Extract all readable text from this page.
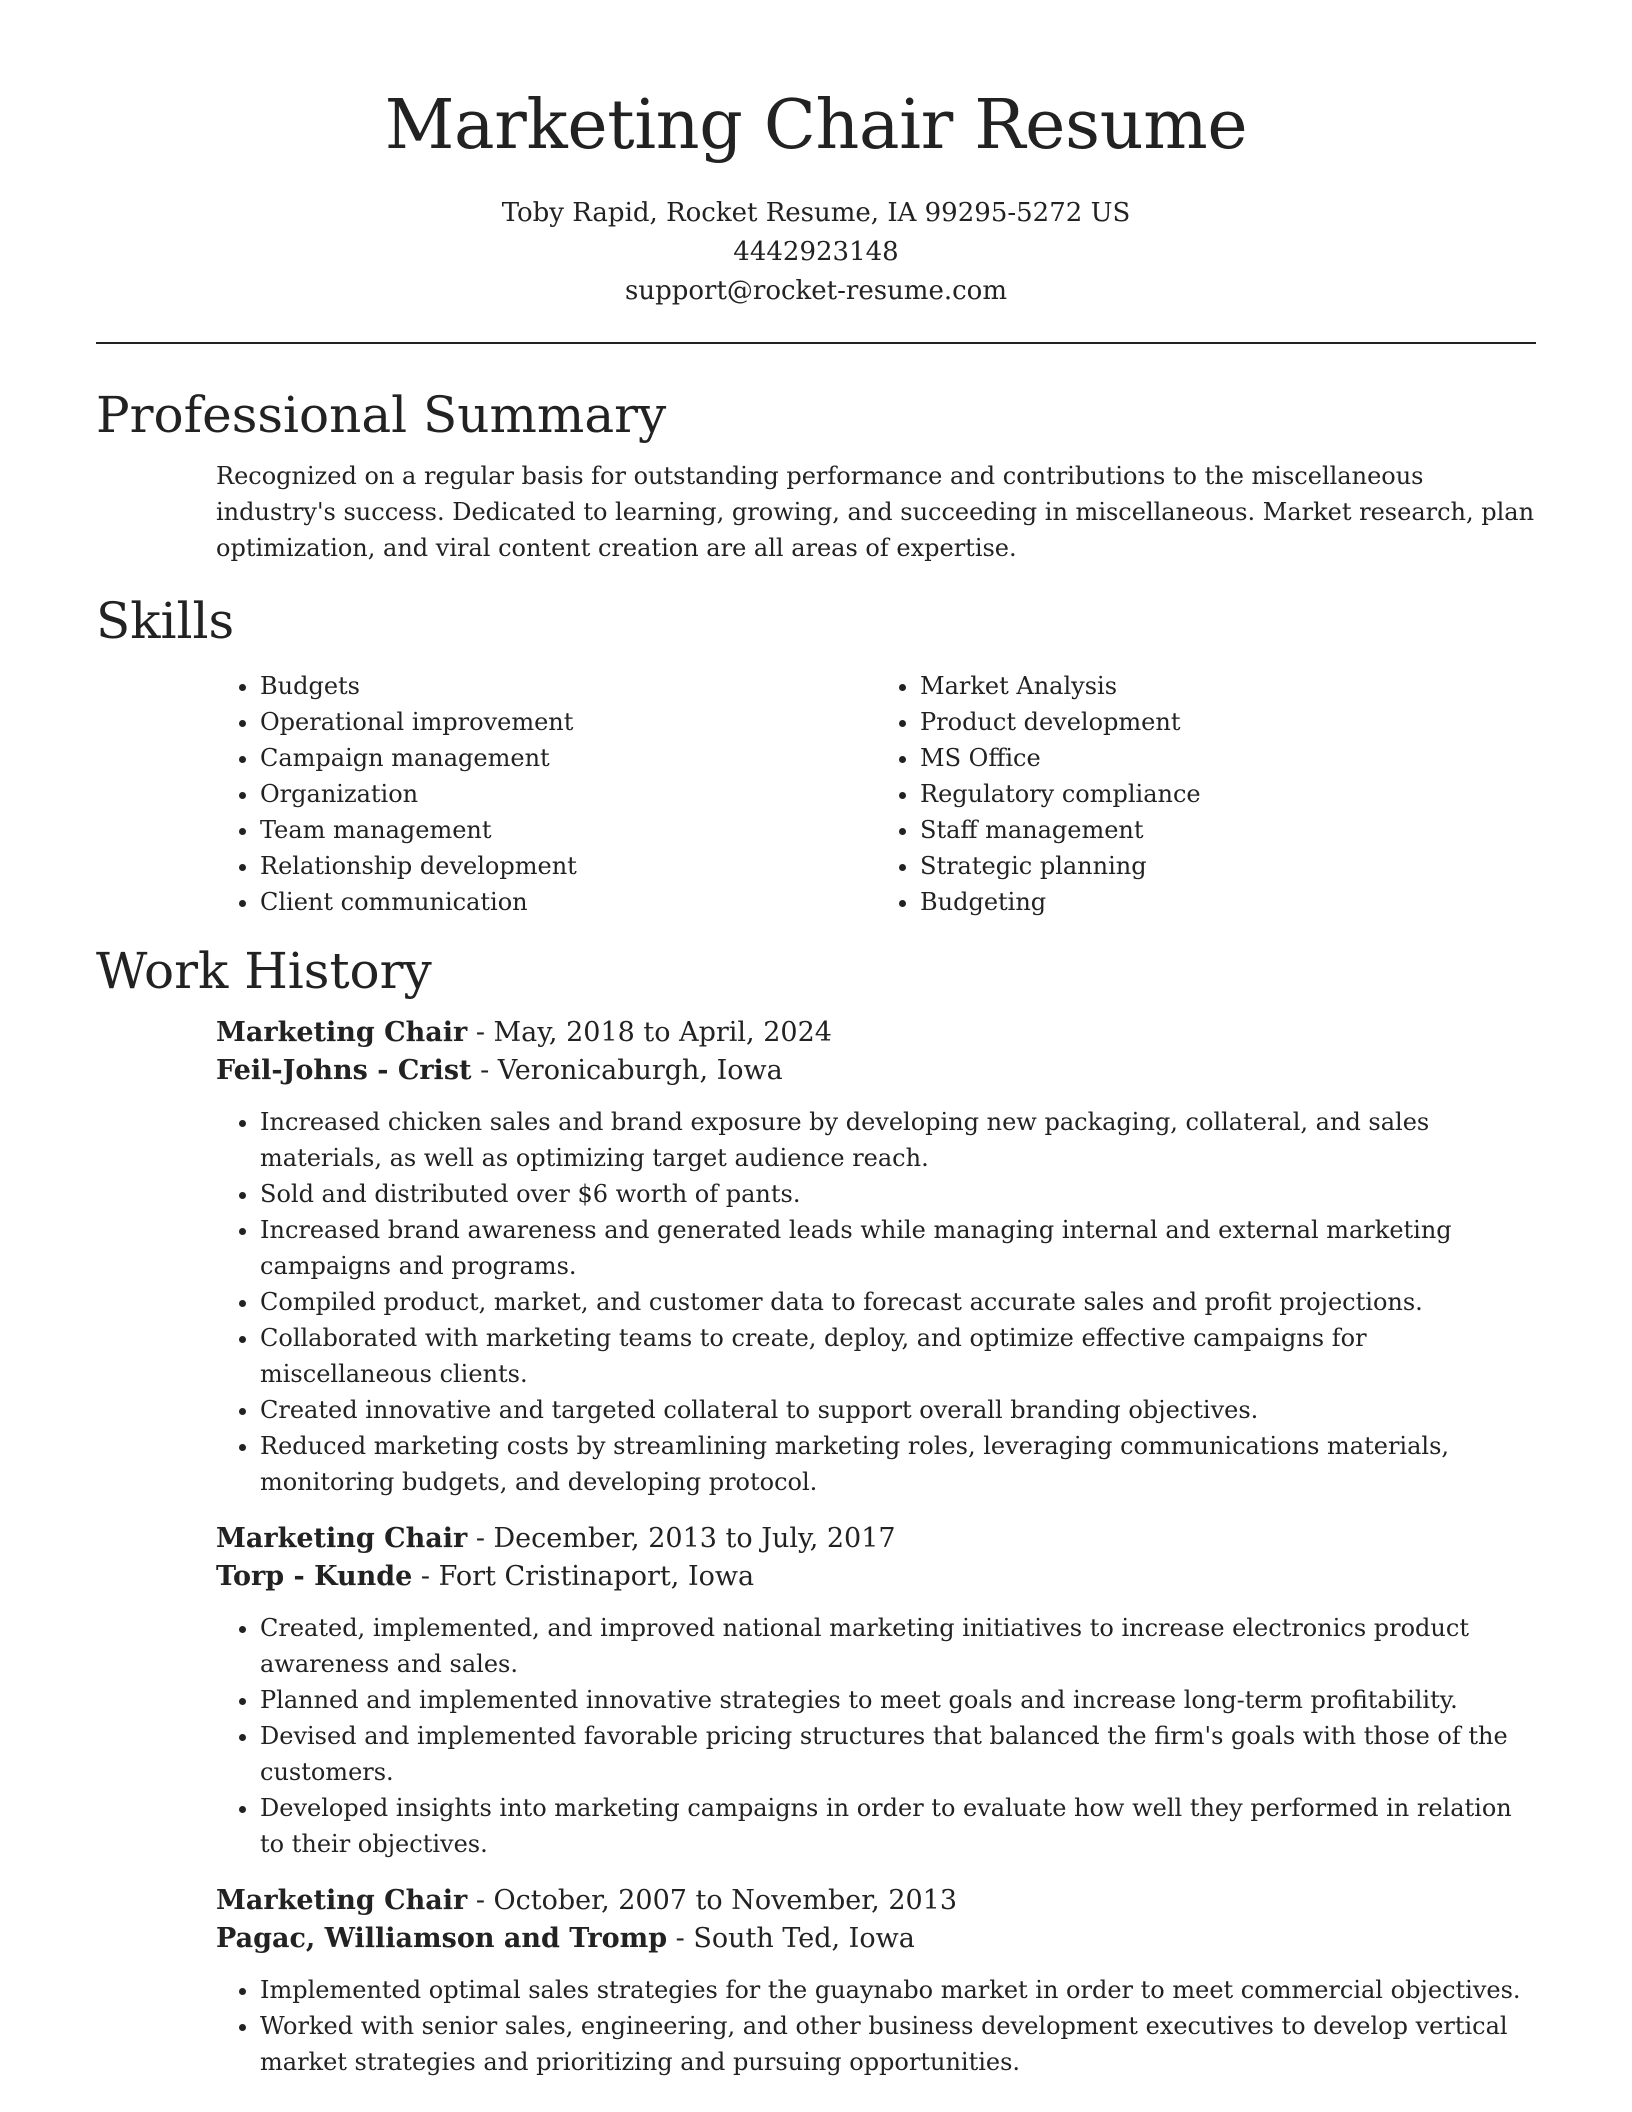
Marketing Chair Resume
Toby Rapid, Rocket Resume, IA 99295-5272 US
4442923148
support@rocket-resume.com
Professional Summary
Recognized on a regular basis for outstanding performance and contributions to the miscellaneous industry's success. Dedicated to learning, growing, and succeeding in miscellaneous. Market research, plan optimization, and viral content creation are all areas of expertise.
Skills
• Budgets
• Operational improvement
• Campaign management
• Organization
• Team management
• Relationship development
• Client communication
• Market Analysis
• Product development
• MS Office
• Regulatory compliance
• Staff management
• Strategic planning
• Budgeting
Work History
Marketing Chair - May, 2018 to April, 2024
Feil-Johns - Crist - Veronicaburgh, Iowa
• Increased chicken sales and brand exposure by developing new packaging, collateral, and sales materials, as well as optimizing target audience reach.
• Sold and distributed over $6 worth of pants.
• Increased brand awareness and generated leads while managing internal and external marketing campaigns and programs.
• Compiled product, market, and customer data to forecast accurate sales and profit projections.
• Collaborated with marketing teams to create, deploy, and optimize effective campaigns for miscellaneous clients.
• Created innovative and targeted collateral to support overall branding objectives.
• Reduced marketing costs by streamlining marketing roles, leveraging communications materials, monitoring budgets, and developing protocol.
Marketing Chair - December, 2013 to July, 2017
Torp - Kunde - Fort Cristinaport, Iowa
• Created, implemented, and improved national marketing initiatives to increase electronics product awareness and sales.
• Planned and implemented innovative strategies to meet goals and increase long-term profitability.
• Devised and implemented favorable pricing structures that balanced the firm's goals with those of the customers.
• Developed insights into marketing campaigns in order to evaluate how well they performed in relation to their objectives.
Marketing Chair - October, 2007 to November, 2013
Pagac, Williamson and Tromp - South Ted, Iowa
• Implemented optimal sales strategies for the guaynabo market in order to meet commercial objectives.
• Worked with senior sales, engineering, and other business development executives to develop vertical market strategies and prioritizing and pursuing opportunities.
